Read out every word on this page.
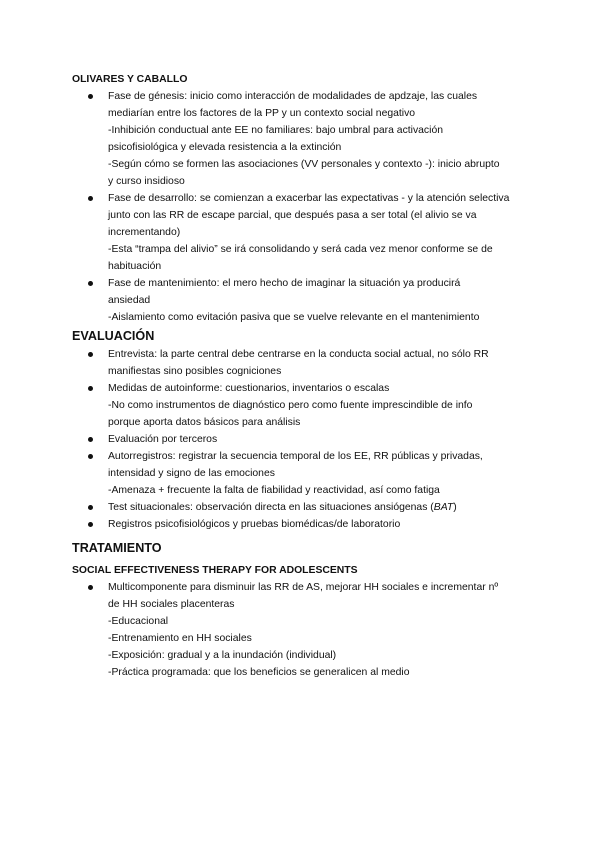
OLIVARES Y CABALLO
Fase de génesis: inicio como interacción de modalidades de apdzaje, las cuales
mediarían entre los factores de la PP y un contexto social negativo
-Inhibición conductual ante EE no familiares: bajo umbral para activación
psicofisiológica y elevada resistencia a la extinción
-Según cómo se formen las asociaciones (VV personales y contexto -): inicio abrupto
y curso insidioso
Fase de desarrollo: se comienzan a exacerbar las expectativas - y la atención selectiva
junto con las RR de escape parcial, que después pasa a ser total (el alivio se va
incrementando)
-Esta “trampa del alivio” se irá consolidando y será cada vez menor conforme se de
habituación
Fase de mantenimiento: el mero hecho de imaginar la situación ya producirá
ansiedad
-Aislamiento como evitación pasiva que se vuelve relevante en el mantenimiento
EVALUACIÓN
Entrevista: la parte central debe centrarse en la conducta social actual, no sólo RR
manifiestas sino posibles cogniciones
Medidas de autoinforme: cuestionarios, inventarios o escalas
-No como instrumentos de diagnóstico pero como fuente imprescindible de info
porque aporta datos básicos para análisis
Evaluación por terceros
Autorregistros: registrar la secuencia temporal de los EE, RR públicas y privadas,
intensidad y signo de las emociones
-Amenaza + frecuente la falta de fiabilidad y reactividad, así como fatiga
Test situacionales: observación directa en las situaciones ansiógenas (BAT)
Registros psicofisiológicos y pruebas biomédicas/de laboratorio
TRATAMIENTO
SOCIAL EFFECTIVENESS THERAPY FOR ADOLESCENTS
Multicomponente para disminuir las RR de AS, mejorar HH sociales e incrementar nº
de HH sociales placenteras
-Educacional
-Entrenamiento en HH sociales
-Exposición: gradual y a la inundación (individual)
-Práctica programada: que los beneficios se generalicen al medio
